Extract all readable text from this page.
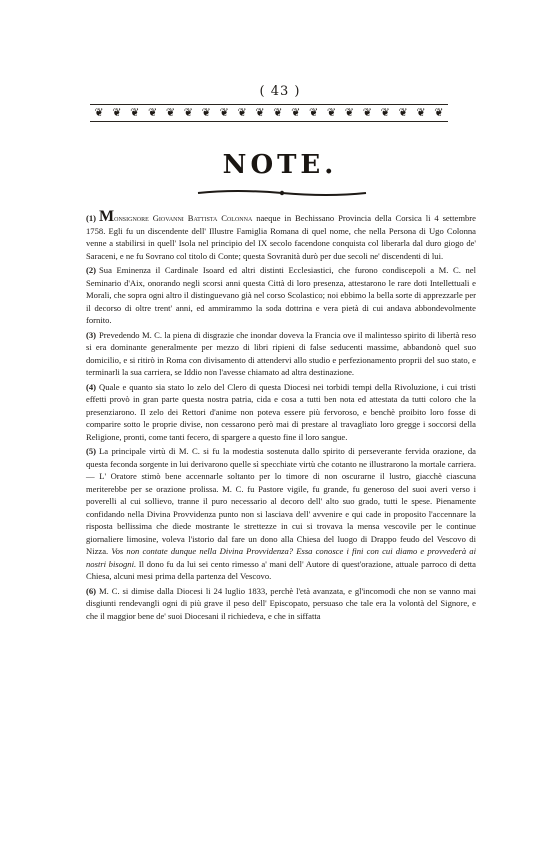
( 43 )
❦ ❦ ❦ ❦ ❦ ❦ ❦ ❦ ❦ ❦ ❦ ❦ ❦ ❦ ❦ ❦ ❦ ❦ ❦ ❦
NOTE.

(1) Monsignore Giovanni Battista Colonna naeque in Bechissano Provincia della Corsica li 4 settembre 1758. Egli fu un discendente dell' Illustre Famiglia Romana di quel nome, che nella Persona di Ugo Colonna venne a stabilirsi in quell' Isola nel principio del IX secolo facendone conquista col liberarla dal duro giogo de' Saraceni, e ne fu Sovrano col titolo di Conte; questa Sovranità durò per due secoli ne' discendenti di lui.

(2) Sua Eminenza il Cardinale Isoard ed altri distinti Ecclesiastici, che furono condiscepoli a M. C. nel Seminario d'Aix, onorando negli scorsi anni questa Città di loro presenza, attestarono le rare doti Intellettuali e Morali, che sopra ogni altro il distinguevano già nel corso Scolastico; noi ebbimo la bella sorte di apprezzarle per il decorso di oltre trent' anni, ed ammirammo la soda dottrina e vera pietà di cui andava abbondevolmente fornito.

(3) Prevedendo M. C. la piena di disgrazie che inondar doveva la Francia ove il malintesso spirito di libertà reso si era dominante generalmente per mezzo di libri ripieni di false seducenti massime, abbandonò quel suo domicilio, e si ritirò in Roma con divisamento di attendervi allo studio e perfezionamento proprii del suo stato, e terminarli la sua carriera, se Iddio non l'avesse chiamato ad altra destinazione.

(4) Quale e quanto sia stato lo zelo del Clero di questa Diocesi nei torbidi tempi della Rivoluzione, i cui tristi effetti provò in gran parte questa nostra patria, cida e cosa a tutti ben nota ed attestata da tutti coloro che la presenziarono. Il zelo dei Rettori d'anime non poteva essere più fervoroso, e benchè proibito loro fosse di comparire sotto le proprie divise, non cessarono però mai di prestare al travagliato loro gregge i soccorsi della Religione, pronti, come tanti fecero, di spargere a questo fine il loro sangue.

(5) La principale virtù di M. C. si fu la modestia sostenuta dallo spirito di perseverante fervida orazione, da questa feconda sorgente in lui derivarono quelle sì specchiate virtù che cotanto ne illustrarono la mortale carriera. — L' Oratore stimò bene accennarle soltanto per lo timore di non oscurarne il lustro, giacchè ciascuna meriterebbe per se orazione prolissa. M. C. fu Pastore vigile, fu grande, fu generoso del suoi averi verso i poverelli al cui sollievo, tranne il puro necessario al decoro dell' alto suo grado, tutti le spese. Pienamente confidando nella Divina Provvidenza punto non si lasciava dell' avvenire e qui cade in proposito l'accennare la risposta bellissima che diede mostrante le strettezze in cui si trovava la mensa vescovile per le continue giornaliere limosine, voleva l'istorio dal fare un dono alla Chiesa del luogo di Drappo feudo del Vescovo di Nizza. Vos non contate dunque nella Divina Provvidenza? Essa conosce i fini con cui diamo e provvederà ai nostri bisogni. Il dono fu da lui sei cento rimesso a' mani dell' Autore di quest'orazione, attuale parroco di detta Chiesa, alcuni mesi prima della partenza del Vescovo.

(6) M. C. si dimise dalla Diocesi li 24 luglio 1833, perchè l'età avanzata, e gl'incomodi che non se vanno mai disgiunti rendevangli ogni di più grave il peso dell' Episcopato, persuaso che tale era la volontà del Signore, e che il maggior bene de' suoi Diocesani il richiedeva, e che in siffatta
